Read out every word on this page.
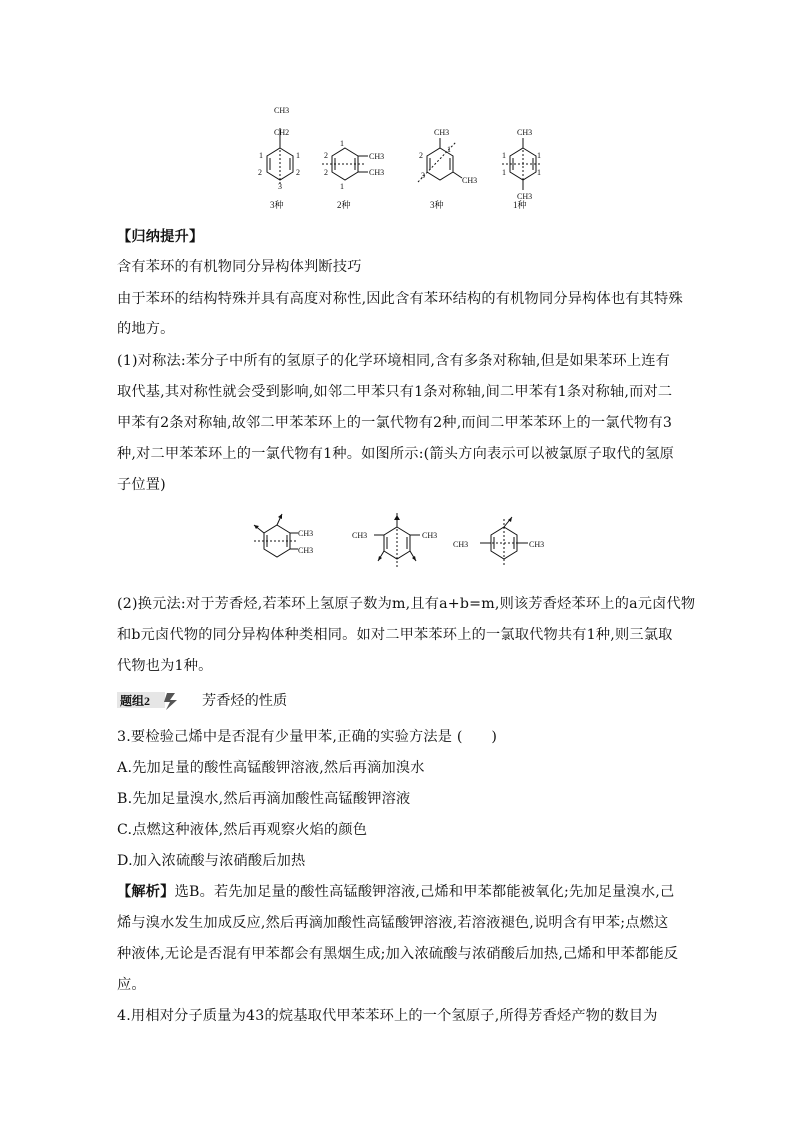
CH3
CH2
1
2
1
2
3
3种
CH3
CH3
1
2
2
1
2种
CH3
CH3
1
2
3
3种
CH3
CH3
1
1
1
1
1种
【归纳提升】
含有苯环的有机物同分异构体判断技巧
由于苯环的结构特殊并具有高度对称性,因此含有苯环结构的有机物同分异构体也有其特殊
的地方。
(1)对称法:苯分子中所有的氢原子的化学环境相同,含有多条对称轴,但是如果苯环上连有
取代基,其对称性就会受到影响,如邻二甲苯只有1条对称轴,间二甲苯有1条对称轴,而对二
甲苯有2条对称轴,故邻二甲苯苯环上的一氯代物有2种,而间二甲苯苯环上的一氯代物有3
种,对二甲苯苯环上的一氯代物有1种。如图所示:(箭头方向表示可以被氯原子取代的氢原
子位置)
CH3
CH3
CH3	CH3
CH3	CH3
(2)换元法:对于芳香烃,若苯环上氢原子数为m,且有a+b=m,则该芳香烃苯环上的a元卤代物
和b元卤代物的同分异构体种类相同。如对二甲苯苯环上的一氯取代物共有1种,则三氯取
代物也为1种。
题组2	芳香烃的性质
3.要检验己烯中是否混有少量甲苯,正确的实验方法是 (　　)
A.先加足量的酸性高锰酸钾溶液,然后再滴加溴水
B.先加足量溴水,然后再滴加酸性高锰酸钾溶液
C.点燃这种液体,然后再观察火焰的颜色
D.加入浓硫酸与浓硝酸后加热
【解析】选B。若先加足量的酸性高锰酸钾溶液,己烯和甲苯都能被氧化;先加足量溴水,己
烯与溴水发生加成反应,然后再滴加酸性高锰酸钾溶液,若溶液褪色,说明含有甲苯;点燃这
种液体,无论是否混有甲苯都会有黑烟生成;加入浓硫酸与浓硝酸后加热,己烯和甲苯都能反
应。
4.用相对分子质量为43的烷基取代甲苯苯环上的一个氢原子,所得芳香烃产物的数目为
